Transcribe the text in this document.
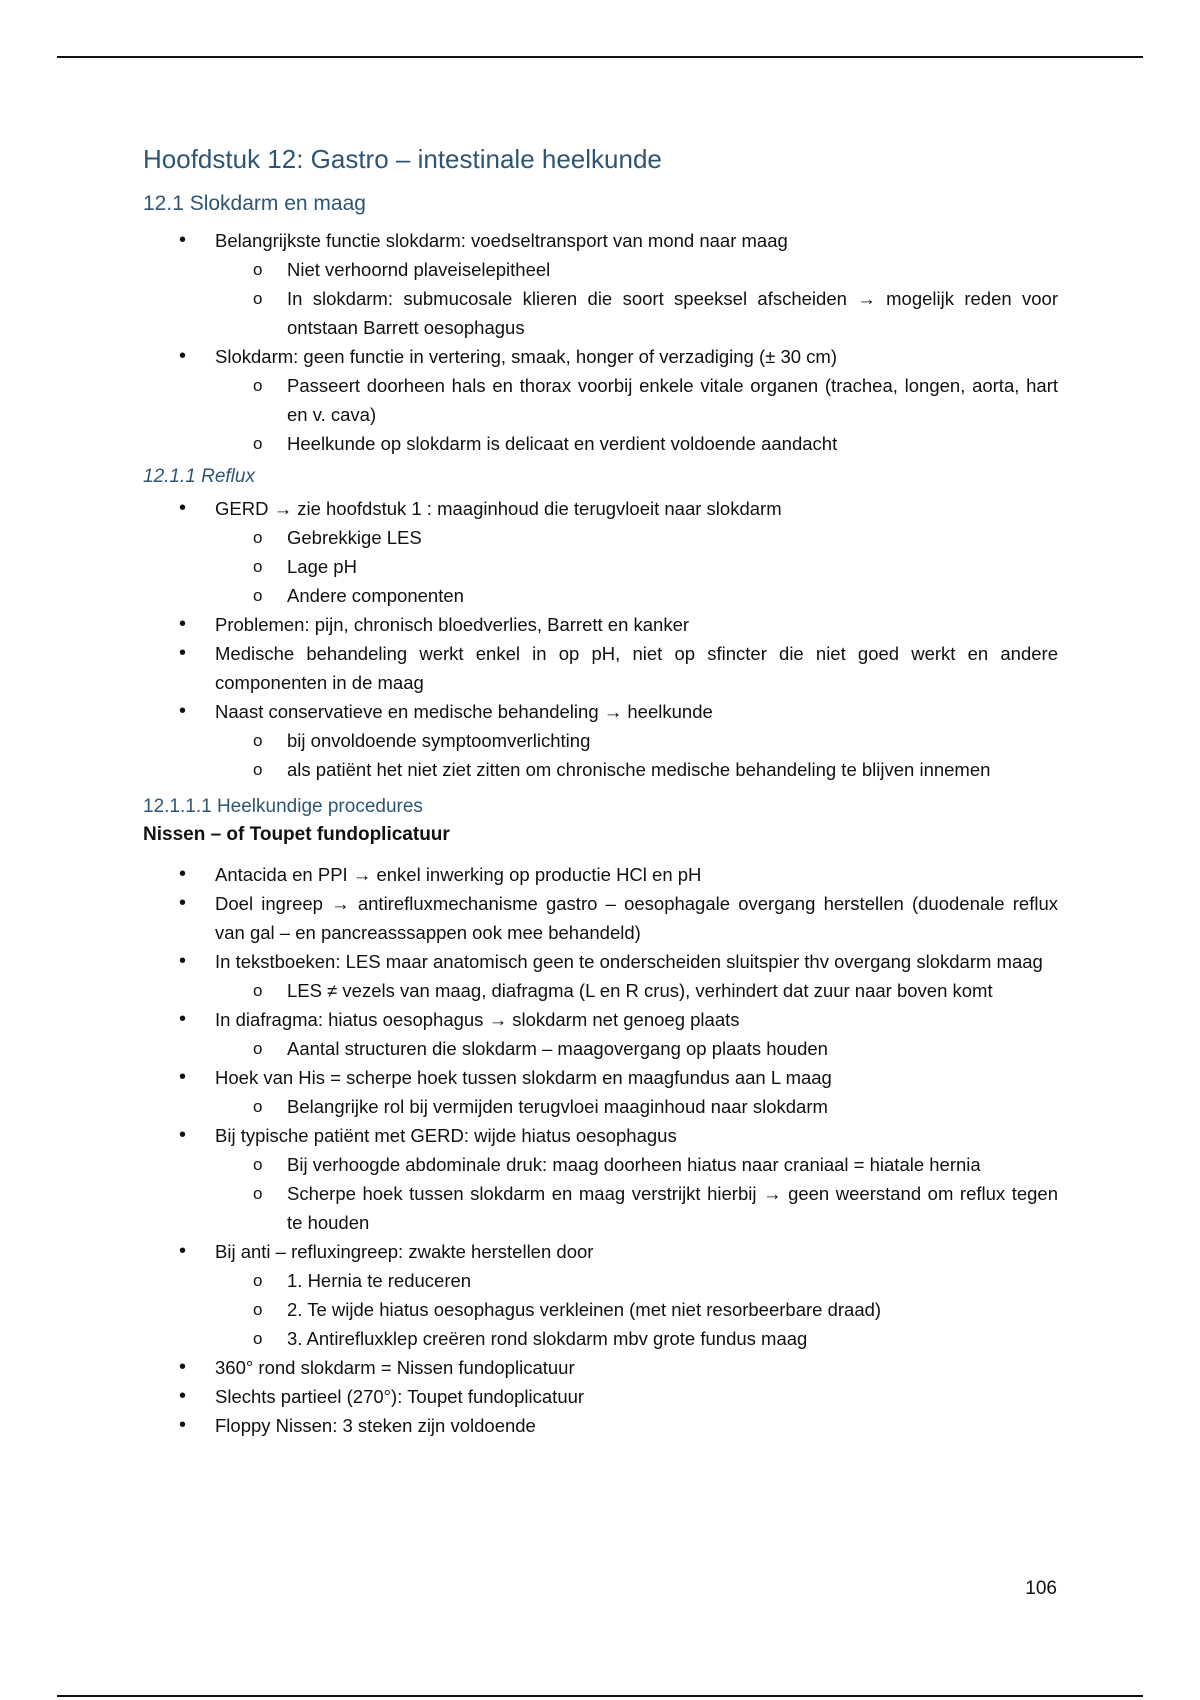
Hoofdstuk 12: Gastro – intestinale heelkunde
12.1 Slokdarm en maag
• Belangrijkste functie slokdarm: voedseltransport van mond naar maag
o Niet verhoornd plaveiselepitheel
o In slokdarm: submucosale klieren die soort speeksel afscheiden → mogelijk reden voor ontstaan Barrett oesophagus
• Slokdarm: geen functie in vertering, smaak, honger of verzadiging (± 30 cm)
o Passeert doorheen hals en thorax voorbij enkele vitale organen (trachea, longen, aorta, hart en v. cava)
o Heelkunde op slokdarm is delicaat en verdient voldoende aandacht
12.1.1 Reflux
• GERD → zie hoofdstuk 1 : maaginhoud die terugvloeit naar slokdarm
o Gebrekkige LES
o Lage pH
o Andere componenten
• Problemen: pijn, chronisch bloedverlies, Barrett en kanker
• Medische behandeling werkt enkel in op pH, niet op sfincter die niet goed werkt en andere componenten in de maag
• Naast conservatieve en medische behandeling → heelkunde
o bij onvoldoende symptoomverlichting
o als patiënt het niet ziet zitten om chronische medische behandeling te blijven innemen
12.1.1.1 Heelkundige procedures
Nissen – of Toupet fundoplicatuur
• Antacida en PPI → enkel inwerking op productie HCl en pH
• Doel ingreep → antirefluxmechanisme gastro – oesophagale overgang herstellen (duodenale reflux van gal – en pancreasssappen ook mee behandeld)
• In tekstboeken: LES maar anatomisch geen te onderscheiden sluitspier thv overgang slokdarm maag
o LES ≠ vezels van maag, diafragma (L en R crus), verhindert dat zuur naar boven komt
• In diafragma: hiatus oesophagus → slokdarm net genoeg plaats
o Aantal structuren die slokdarm – maagovergang op plaats houden
• Hoek van His = scherpe hoek tussen slokdarm en maagfundus aan L maag
o Belangrijke rol bij vermijden terugvloei maaginhoud naar slokdarm
• Bij typische patiënt met GERD: wijde hiatus oesophagus
o Bij verhoogde abdominale druk: maag doorheen hiatus naar craniaal = hiatale hernia
o Scherpe hoek tussen slokdarm en maag verstrijkt hierbij → geen weerstand om reflux tegen te houden
• Bij anti – refluxingreep: zwakte herstellen door
o 1. Hernia te reduceren
o 2. Te wijde hiatus oesophagus verkleinen (met niet resorbeerbare draad)
o 3. Antirefluxklep creëren rond slokdarm mbv grote fundus maag
• 360° rond slokdarm = Nissen fundoplicatuur
• Slechts partieel (270°): Toupet fundoplicatuur
• Floppy Nissen: 3 steken zijn voldoende
106
